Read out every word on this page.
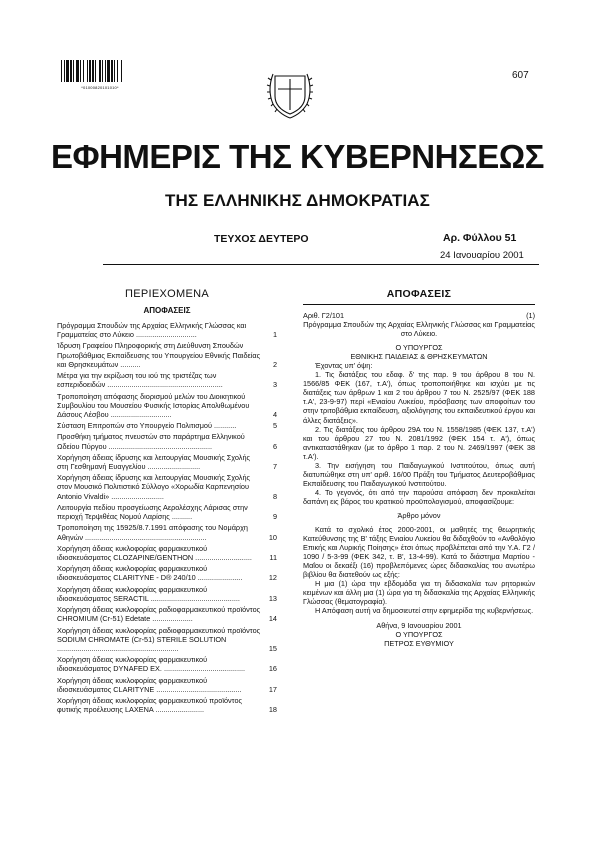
*01000820101010*
607
ΕΦΗΜΕΡΙΣ ΤΗΣ ΚΥΒΕΡΝΗΣΕΩΣ
ΤΗΣ ΕΛΛΗΝΙΚΗΣ ΔΗΜΟΚΡΑΤΙΑΣ
ΤΕΥΧΟΣ ΔΕΥΤΕΡΟ	Αρ. Φύλλου 51
24 Ιανουαρίου 2001
ΠΕΡΙΕΧΟΜΕΝΑ
ΑΠΟΦΑΣΕΙΣ
Πρόγραμμα Σπουδών της Αρχαίας Ελληνικής Γλώσσας και Γραμματείας στο Λύκειο ..............................	1
Ίδρυση Γραφείου Πληροφορικής στη Διεύθυνση Σπουδών Πρωτοβάθμιας Εκπαίδευσης του Υπουργείου Εθνικής Παιδείας και Θρησκευμάτων ..........	2
Μέτρα για την εκρίζωση του ιού της τριστέζας των εσπεριδοειδών .........................................................	3
Τροποποίηση απόφασης διορισμού μελών του Διοικητικού Συμβουλίου του Μουσείου Φυσικής Ιστορίας Απολιθωμένου Δάσους Λέσβου ..............................	4
Σύσταση Επιτροπών στο Υπουργείο Πολιτισμού ...........	5
Προσθήκη τμήματος πνευστών στο παράρτημα Ελληνικού Ωδείου Πύργου ...................................................	6
Χορήγηση άδειας ίδρυσης και λειτουργίας Μουσικής Σχολής στη Γεσθημανή Ευαγγελίου ..........................	7
Χορήγηση άδειας ίδρυσης και λειτουργίας Μουσικής Σχολής στον Μουσικό Πολιτιστικό Σύλλογο «Χορωδία Καρπενησίου Antonio Vivaldi» ..........................	8
Λειτουργία πεδίου προσγείωσης Αερολέσχης Λάρισας στην περιοχή Τερψιθέας Νομού Λαρίσης ..........	9
Τροποποίηση της 15925/8.7.1991 απόφασης του Νομάρχη Αθηνών ............................................................	10
Χορήγηση άδειας κυκλοφορίας φαρμακευτικού ιδιοσκευάσματος CLOZAPINE/GENTHON ............................	11
Χορήγηση άδειας κυκλοφορίας φαρμακευτικού ιδιοσκευάσματος CLARITYNE - D® 240/10 ......................	12
Χορήγηση άδειας κυκλοφορίας φαρμακευτικού ιδιοσκευάσματος SERACTIL ............................................	13
Χορήγηση άδειας κυκλοφορίας ραδιοφαρμακευτικού προϊόντος CHROMIUM (Cr-51) Edetate ....................	14
Χορήγηση άδειας κυκλοφορίας ραδιοφαρμακευτικού προϊόντος SODIUM CHROMATE (Cr-51) STERILE SOLUTION ............................................................	15
Χορήγηση άδειας κυκλοφορίας φαρμακευτικού ιδιοσκευάσματος DYNAFED EX. ........................................	16
Χορήγηση άδειας κυκλοφορίας φαρμακευτικού ιδιοσκευάσματος CLARITYNE ..........................................	17
Χορήγηση άδειας κυκλοφορίας φαρμακευτικού προϊόντος φυτικής προέλευσης LAXENA ........................	18
ΑΠΟΦΑΣΕΙΣ
Αριθ. Γ2/101	(1)
Πρόγραμμα Σπουδών της Αρχαίας Ελληνικής Γλώσσας και Γραμματείας στο Λύκειο.
Ο ΥΠΟΥΡΓΟΣ
ΕΘΝΙΚΗΣ ΠΑΙΔΕΙΑΣ & ΘΡΗΣΚΕΥΜΑΤΩΝ
Έχοντας υπ' όψη:
1. Τις διατάξεις του εδαφ. δ' της παρ. 9 του άρθρου 8 του Ν. 1566/85 ΦΕΚ (167, τ.Α'), όπως τροποποιήθηκε και ισχύει με τις διατάξεις των άρθρων 1 και 2 του άρθρου 7 του Ν. 2525/97 (ΦΕΚ 188 τ.Α', 23-9-97) περί «Ενιαίου Λυκείου, πρόσβασης των αποφοίτων του στην τριτοβάθμια εκπαίδευση, αξιολόγησης του εκπαιδευτικού έργου και άλλες διατάξεις».
2. Τις διατάξεις του άρθρου 29Α του Ν. 1558/1985 (ΦΕΚ 137, τ.Α') και του άρθρου 27 του Ν. 2081/1992 (ΦΕΚ 154 τ. Α'), όπως αντικαταστάθηκαν (με το άρθρο 1 παρ. 2 του Ν. 2469/1997 (ΦΕΚ 38 τ.Α').
3. Την εισήγηση του Παιδαγωγικού Ινστιτούτου, όπως αυτή διατυπώθηκε στη υπ' αριθ. 16/00 Πράξη του Τμήματος Δευτεροβάθμιας Εκπαίδευσης του Παιδαγωγικού Ινστιτούτου.
4. Το γεγονός, ότι από την παρούσα απόφαση δεν προκαλείται δαπάνη εις βάρος του κρατικού προϋπολογισμού, αποφασίζουμε:
Άρθρο μόνον
Κατά το σχολικό έτος 2000-2001, οι μαθητές της θεωρητικής Κατεύθυνσης της Β' τάξης Ενιαίου Λυκείου θα διδαχθούν το «Ανθολόγιο Επικής και Λυρικής Ποίησης» έτσι όπως προβλέπεται από την Υ.Α. Γ2 / 1090 / 5-3-99 (ΦΕΚ 342, τ. Β', 13-4-99). Κατά το διάστημα Μαρτίου - Μαΐου οι δεκαέξι (16) προβλεπόμενες ώρες διδασκαλίας του ανωτέρω βιβλίου θα διατεθούν ως εξής:
Η μια (1) ώρα την εβδομάδα για τη διδασκαλία των ρητορικών κειμένων και άλλη μια (1) ώρα για τη διδασκαλία της Αρχαίας Ελληνικής Γλώσσας (θεματογραφία).
Η Απόφαση αυτή να δημοσιευτεί στην εφημερίδα της κυβερνήσεως.
Αθήνα, 9 Ιανουαρίου 2001
Ο ΥΠΟΥΡΓΟΣ
ΠΕΤΡΟΣ ΕΥΘΥΜΙΟΥ
